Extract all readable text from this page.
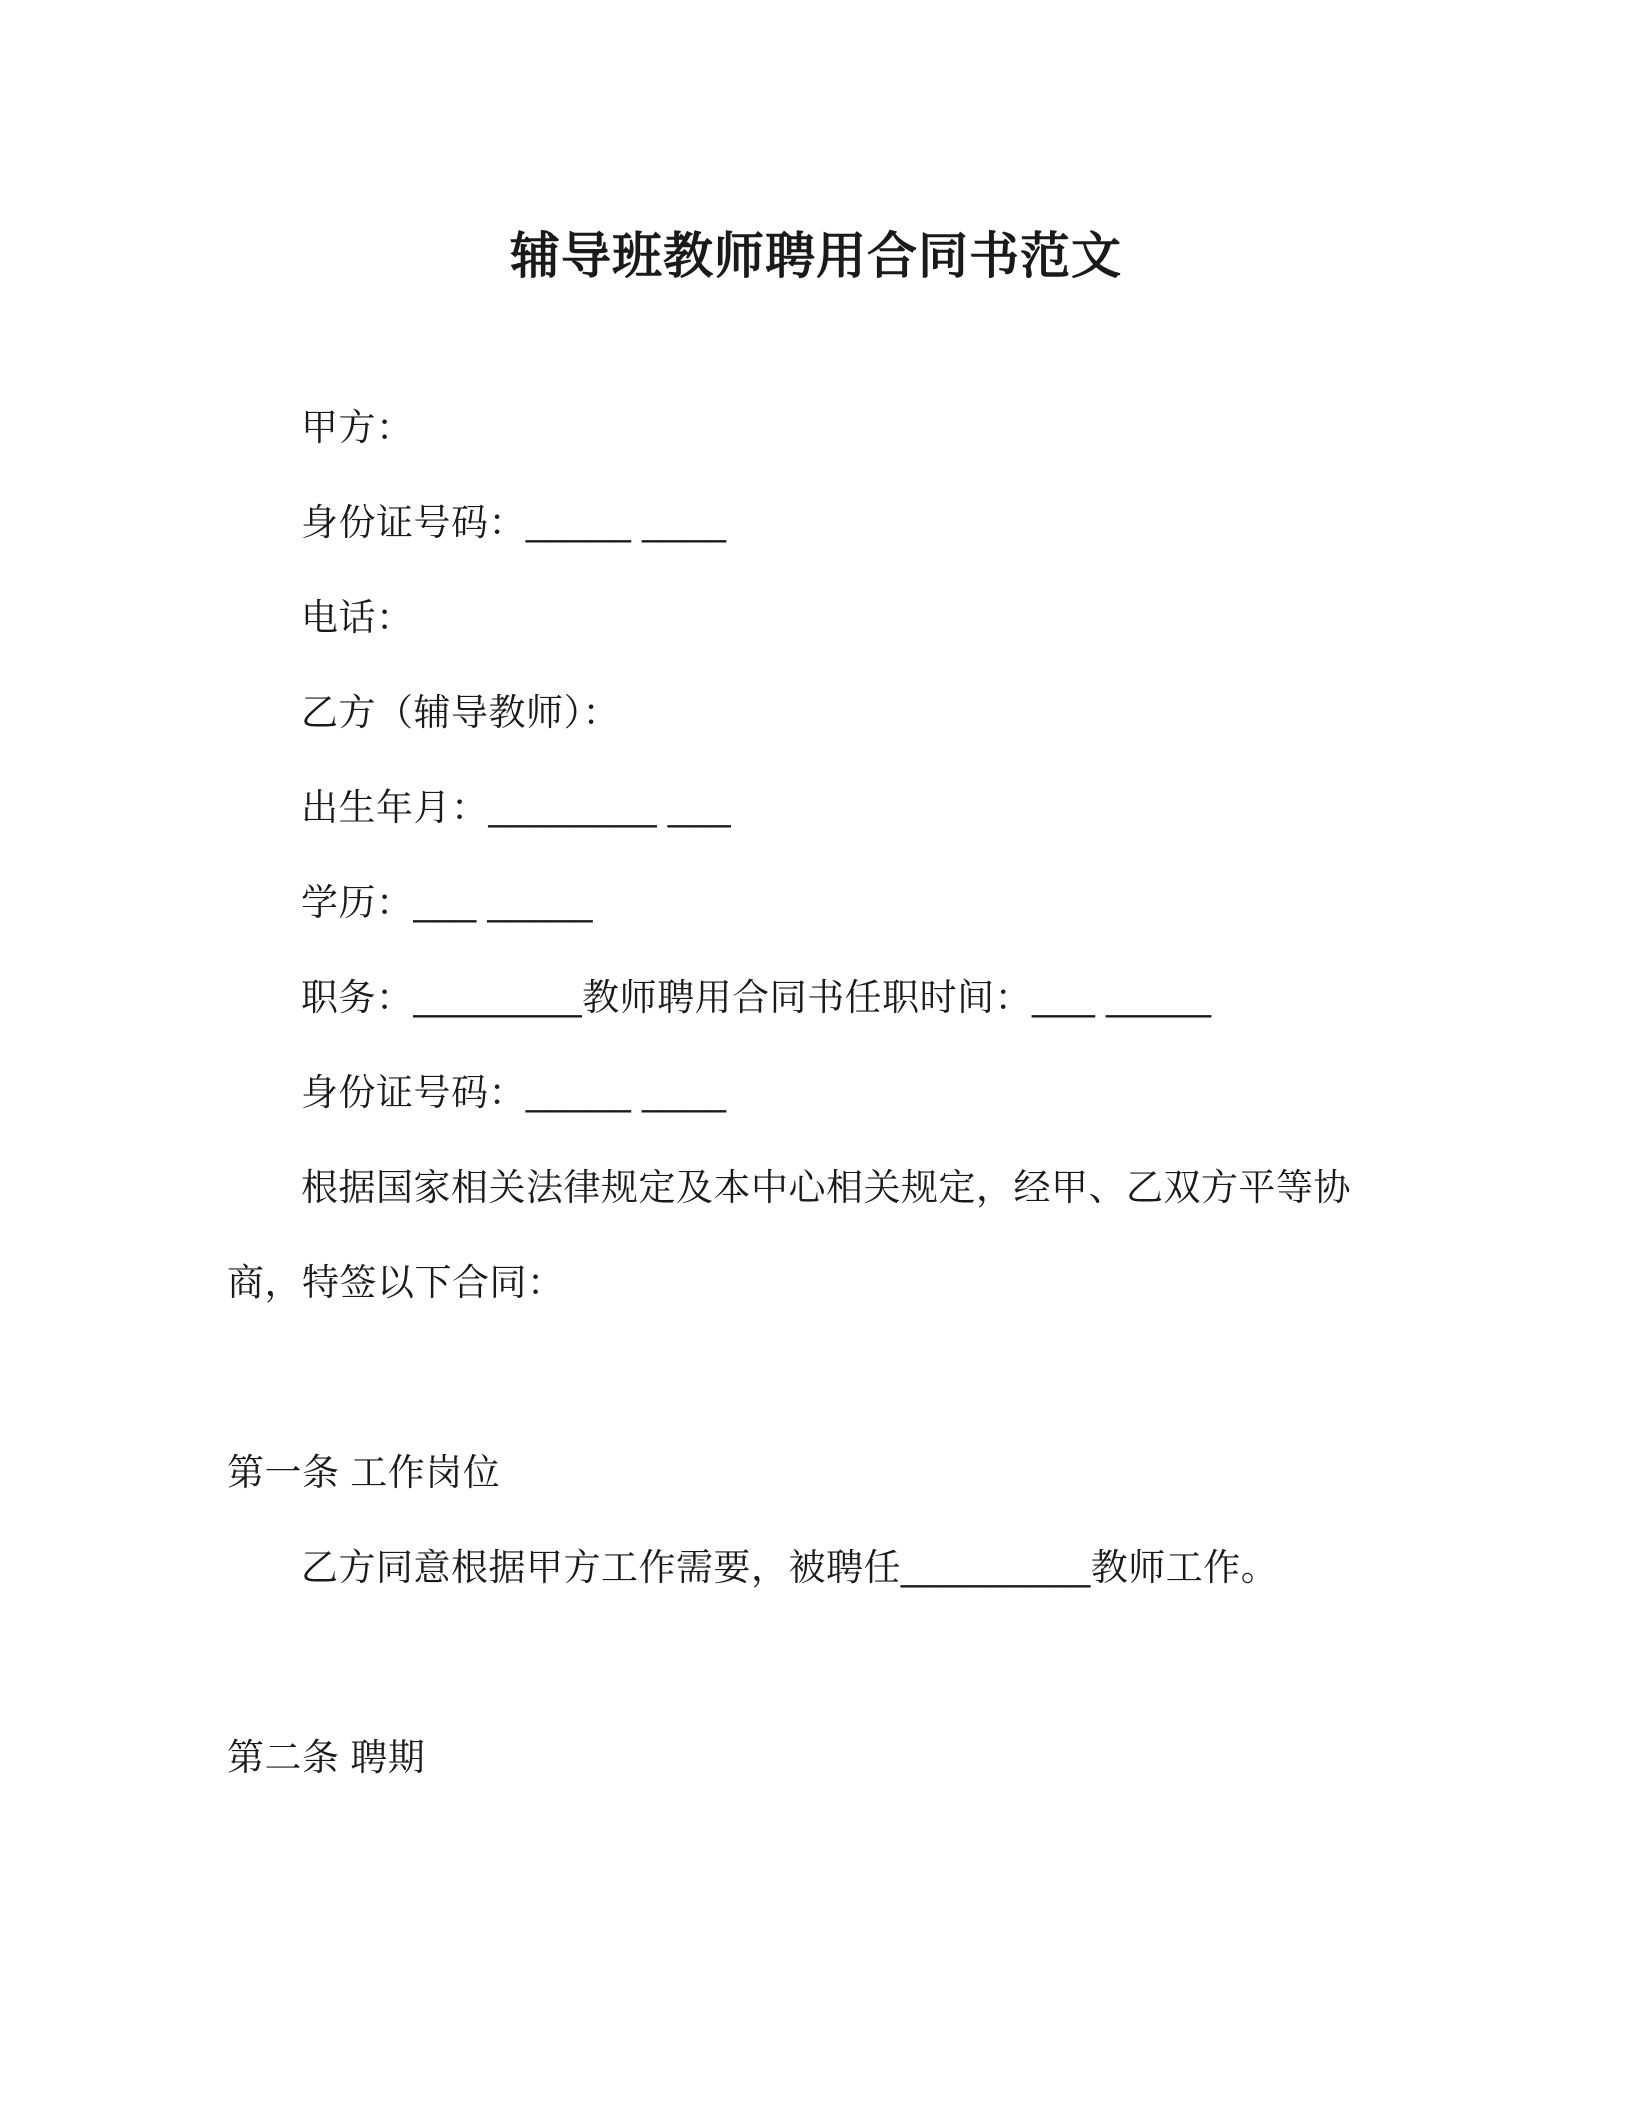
辅导班教师聘用合同书范文

甲方：

身份证号码：_____ ____

电话：

乙方（辅导教师）：

出生年月：________ ___

学历：___ _____

职务：________教师聘用合同书任职时间：___ _____

身份证号码：_____ ____

根据国家相关法律规定及本中心相关规定，经甲、乙双方平等协

商，特签以下合同：

第一条 工作岗位

乙方同意根据甲方工作需要，被聘任_________教师工作。

第二条 聘期
